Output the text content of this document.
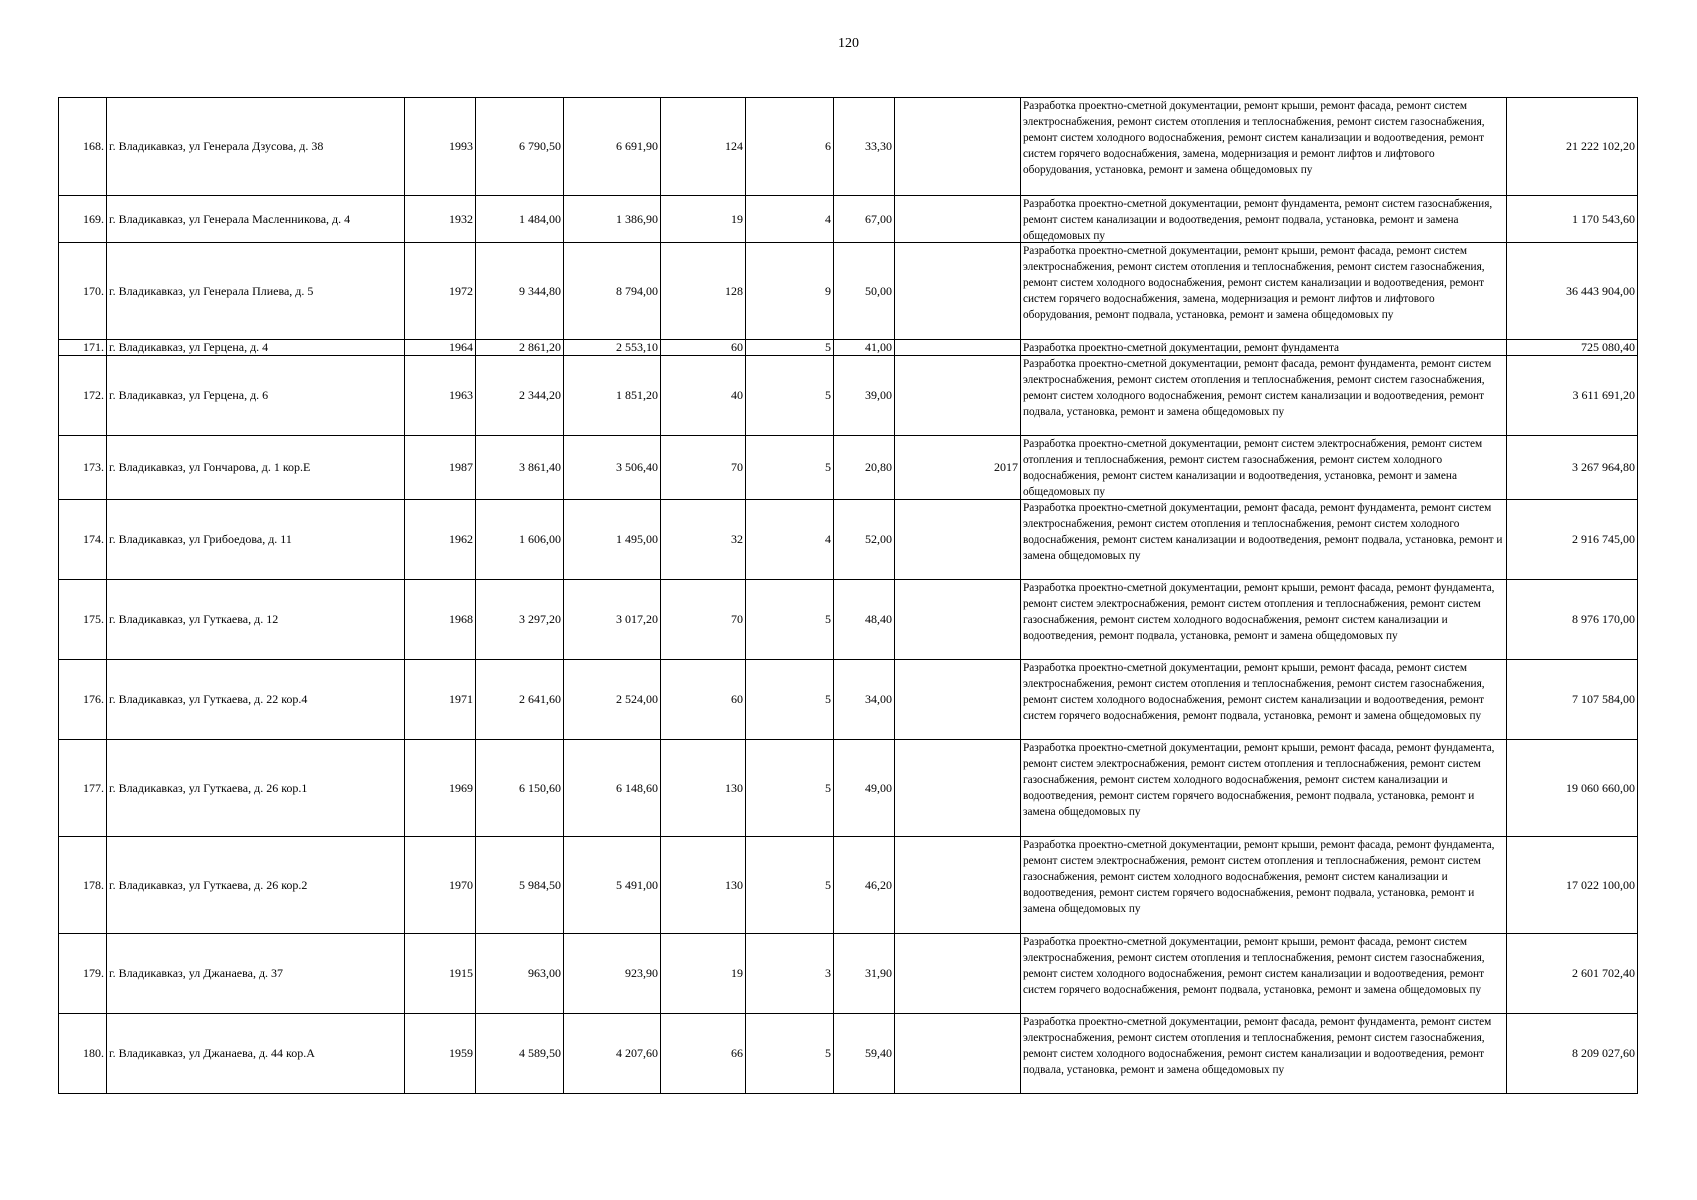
120
168.	г. Владикавказ, ул Генерала Дзусова, д. 38	1993	6 790,50	6 691,90	124	6	33,30		Разработка проектно-сметной документации, ремонт крыши, ремонт фасада, ремонт систем электроснабжения, ремонт систем отопления и теплоснабжения, ремонт систем газоснабжения, ремонт систем холодного водоснабжения, ремонт систем канализации и водоотведения, ремонт систем горячего водоснабжения, замена, модернизация и ремонт лифтов и лифтового оборудования, установка, ремонт и замена общедомовых пу	21 222 102,20
169.	г. Владикавказ, ул Генерала Масленникова, д. 4	1932	1 484,00	1 386,90	19	4	67,00		Разработка проектно-сметной документации, ремонт фундамента, ремонт систем газоснабжения, ремонт систем канализации и водоотведения, ремонт подвала, установка, ремонт и замена общедомовых пу	1 170 543,60
170.	г. Владикавказ, ул Генерала Плиева, д. 5	1972	9 344,80	8 794,00	128	9	50,00		Разработка проектно-сметной документации, ремонт крыши, ремонт фасада, ремонт систем электроснабжения, ремонт систем отопления и теплоснабжения, ремонт систем газоснабжения, ремонт систем холодного водоснабжения, ремонт систем канализации и водоотведения, ремонт систем горячего водоснабжения, замена, модернизация и ремонт лифтов и лифтового оборудования, ремонт подвала, установка, ремонт и замена общедомовых пу	36 443 904,00
171.	г. Владикавказ, ул Герцена, д. 4	1964	2 861,20	2 553,10	60	5	41,00		Разработка проектно-сметной документации, ремонт фундамента	725 080,40
172.	г. Владикавказ, ул Герцена, д. 6	1963	2 344,20	1 851,20	40	5	39,00		Разработка проектно-сметной документации, ремонт фасада, ремонт фундамента, ремонт систем электроснабжения, ремонт систем отопления и теплоснабжения, ремонт систем газоснабжения, ремонт систем холодного водоснабжения, ремонт систем канализации и водоотведения, ремонт подвала, установка, ремонт и замена общедомовых пу	3 611 691,20
173.	г. Владикавказ, ул Гончарова, д. 1 кор.Е	1987	3 861,40	3 506,40	70	5	20,80	2017	Разработка проектно-сметной документации, ремонт систем электроснабжения, ремонт систем отопления и теплоснабжения, ремонт систем газоснабжения, ремонт систем холодного водоснабжения, ремонт систем канализации и водоотведения, установка, ремонт и замена общедомовых пу	3 267 964,80
174.	г. Владикавказ, ул Грибоедова, д. 11	1962	1 606,00	1 495,00	32	4	52,00		Разработка проектно-сметной документации, ремонт фасада, ремонт фундамента, ремонт систем электроснабжения, ремонт систем отопления и теплоснабжения, ремонт систем холодного водоснабжения, ремонт систем канализации и водоотведения, ремонт подвала, установка, ремонт и замена общедомовых пу	2 916 745,00
175.	г. Владикавказ, ул Гуткаева, д. 12	1968	3 297,20	3 017,20	70	5	48,40		Разработка проектно-сметной документации, ремонт крыши, ремонт фасада, ремонт фундамента, ремонт систем электроснабжения, ремонт систем отопления и теплоснабжения, ремонт систем газоснабжения, ремонт систем холодного водоснабжения, ремонт систем канализации и водоотведения, ремонт подвала, установка, ремонт и замена общедомовых пу	8 976 170,00
176.	г. Владикавказ, ул Гуткаева, д. 22 кор.4	1971	2 641,60	2 524,00	60	5	34,00		Разработка проектно-сметной документации, ремонт крыши, ремонт фасада, ремонт систем электроснабжения, ремонт систем отопления и теплоснабжения, ремонт систем газоснабжения, ремонт систем холодного водоснабжения, ремонт систем канализации и водоотведения, ремонт систем горячего водоснабжения, ремонт подвала, установка, ремонт и замена общедомовых пу	7 107 584,00
177.	г. Владикавказ, ул Гуткаева, д. 26 кор.1	1969	6 150,60	6 148,60	130	5	49,00		Разработка проектно-сметной документации, ремонт крыши, ремонт фасада, ремонт фундамента, ремонт систем электроснабжения, ремонт систем отопления и теплоснабжения, ремонт систем газоснабжения, ремонт систем холодного водоснабжения, ремонт систем канализации и водоотведения, ремонт систем горячего водоснабжения, ремонт подвала, установка, ремонт и замена общедомовых пу	19 060 660,00
178.	г. Владикавказ, ул Гуткаева, д. 26 кор.2	1970	5 984,50	5 491,00	130	5	46,20		Разработка проектно-сметной документации, ремонт крыши, ремонт фасада, ремонт фундамента, ремонт систем электроснабжения, ремонт систем отопления и теплоснабжения, ремонт систем газоснабжения, ремонт систем холодного водоснабжения, ремонт систем канализации и водоотведения, ремонт систем горячего водоснабжения, ремонт подвала, установка, ремонт и замена общедомовых пу	17 022 100,00
179.	г. Владикавказ, ул Джанаева, д. 37	1915	963,00	923,90	19	3	31,90		Разработка проектно-сметной документации, ремонт крыши, ремонт фасада, ремонт систем электроснабжения, ремонт систем отопления и теплоснабжения, ремонт систем газоснабжения, ремонт систем холодного водоснабжения, ремонт систем канализации и водоотведения, ремонт систем горячего водоснабжения, ремонт подвала, установка, ремонт и замена общедомовых пу	2 601 702,40
180.	г. Владикавказ, ул Джанаева, д. 44 кор.А	1959	4 589,50	4 207,60	66	5	59,40		Разработка проектно-сметной документации, ремонт фасада, ремонт фундамента, ремонт систем электроснабжения, ремонт систем отопления и теплоснабжения, ремонт систем газоснабжения, ремонт систем холодного водоснабжения, ремонт систем канализации и водоотведения, ремонт подвала, установка, ремонт и замена общедомовых пу	8 209 027,60
